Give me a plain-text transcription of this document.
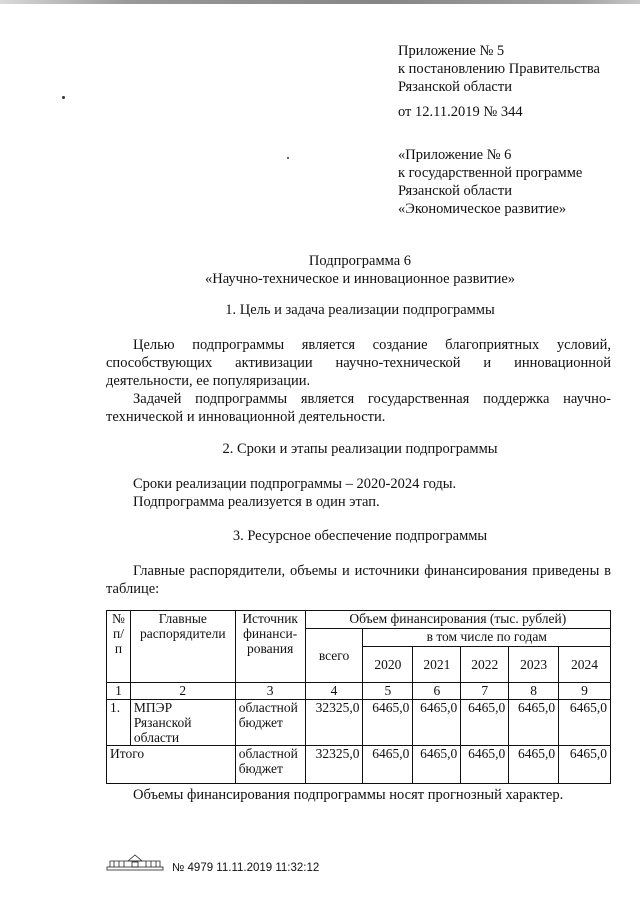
Приложение № 5
к постановлению Правительства
Рязанской области
от 12.11.2019 № 344
«Приложение № 6
к государственной программе
Рязанской области
«Экономическое развитие»
Подпрограмма 6
«Научно-техническое и инновационное развитие»
1. Цель и задача реализации подпрограммы
Целью подпрограммы является создание благоприятных условий, способствующих активизации научно-технической и инновационной деятельности, ее популяризации.
Задачей подпрограммы является государственная поддержка научно-технической и инновационной деятельности.
2. Сроки и этапы реализации подпрограммы
Сроки реализации подпрограммы – 2020-2024 годы.
Подпрограмма реализуется в один этап.
3. Ресурсное обеспечение подпрограммы
Главные распорядители, объемы и источники финансирования приведены в таблице:
№ п/п	Главные распорядители	Источник финанси-рования	Объем финансирования (тыс. рублей)					
			всего	в том числе по годам				
				2020	2021	2022	2023	2024
1	2	3	4	5	6	7	8	9
1.	МПЭР Рязанской области	областной бюджет	32325,0	6465,0	6465,0	6465,0	6465,0	6465,0
Итого		областной бюджет	32325,0	6465,0	6465,0	6465,0	6465,0	6465,0
Объемы финансирования подпрограммы носят прогнозный характер.
№ 4979 11.11.2019 11:32:12
